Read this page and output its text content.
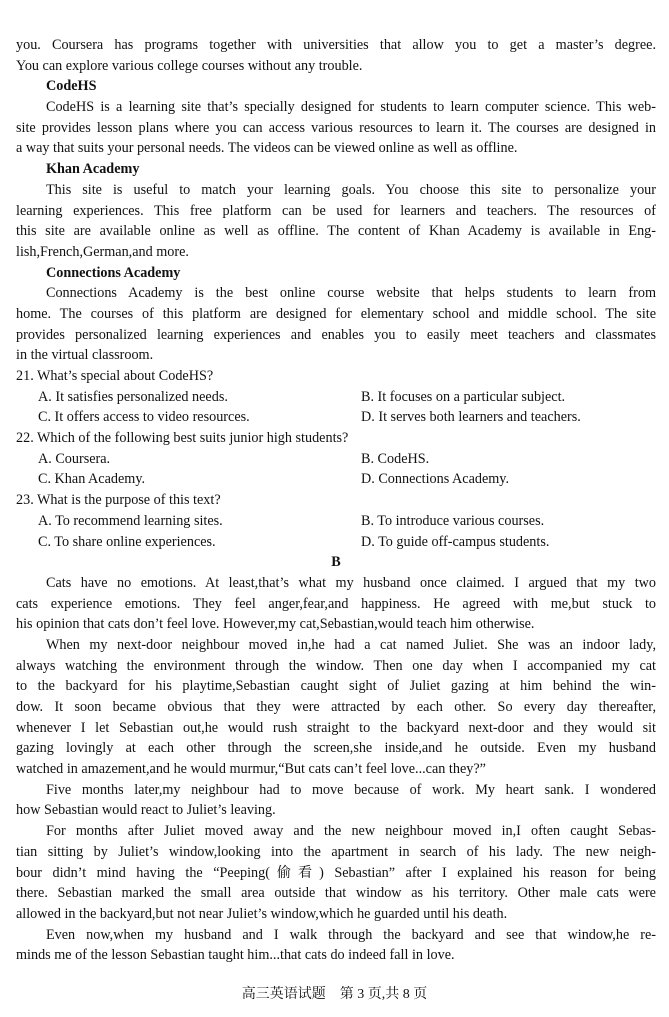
you. Coursera has programs together with universities that allow you to get a master’s degree.
You can explore various college courses without any trouble.
CodeHS
CodeHS is a learning site that’s specially designed for students to learn computer science. This web-
site provides lesson plans where you can access various resources to learn it. The courses are designed in
a way that suits your personal needs. The videos can be viewed online as well as offline.
Khan Academy
This site is useful to match your learning goals. You choose this site to personalize your
learning experiences. This free platform can be used for learners and teachers. The resources of
this site are available online as well as offline. The content of Khan Academy is available in Eng-
lish,French,German,and more.
Connections Academy
Connections Academy is the best online course website that helps students to learn from
home. The courses of this platform are designed for elementary school and middle school. The site
provides personalized learning experiences and enables you to easily meet teachers and classmates
in the virtual classroom.
21. What’s special about CodeHS?
A. It satisfies personalized needs.	B. It focuses on a particular subject.
C. It offers access to video resources.	D. It serves both learners and teachers.
22. Which of the following best suits junior high students?
A. Coursera.	B. CodeHS.
C. Khan Academy.	D. Connections Academy.
23. What is the purpose of this text?
A. To recommend learning sites.	B. To introduce various courses.
C. To share online experiences.	D. To guide off-campus students.
B
Cats have no emotions. At least,that’s what my husband once claimed. I argued that my two
cats experience emotions. They feel anger,fear,and happiness. He agreed with me,but stuck to
his opinion that cats don’t feel love. However,my cat,Sebastian,would teach him otherwise.
When my next-door neighbour moved in,he had a cat named Juliet. She was an indoor lady,
always watching the environment through the window. Then one day when I accompanied my cat
to the backyard for his playtime,Sebastian caught sight of Juliet gazing at him behind the win-
dow. It soon became obvious that they were attracted by each other. So every day thereafter,
whenever I let Sebastian out,he would rush straight to the backyard next-door and they would sit
gazing lovingly at each other through the screen,she inside,and he outside. Even my husband
watched in amazement,and he would murmur,“But cats can’t feel love...can they?”
Five months later,my neighbour had to move because of work. My heart sank. I wondered
how Sebastian would react to Juliet’s leaving.
For months after Juliet moved away and the new neighbour moved in,I often caught Sebas-
tian sitting by Juliet’s window,looking into the apartment in search of his lady. The new neigh-
bour didn’t mind having the “Peeping(偷看) Sebastian” after I explained his reason for being
there. Sebastian marked the small area outside that window as his territory. Other male cats were
allowed in the backyard,but not near Juliet’s window,which he guarded until his death.
Even now,when my husband and I walk through the backyard and see that window,he re-
minds me of the lesson Sebastian taught him...that cats do indeed fall in love.
高三英语试题　第 3 页,共 8 页
